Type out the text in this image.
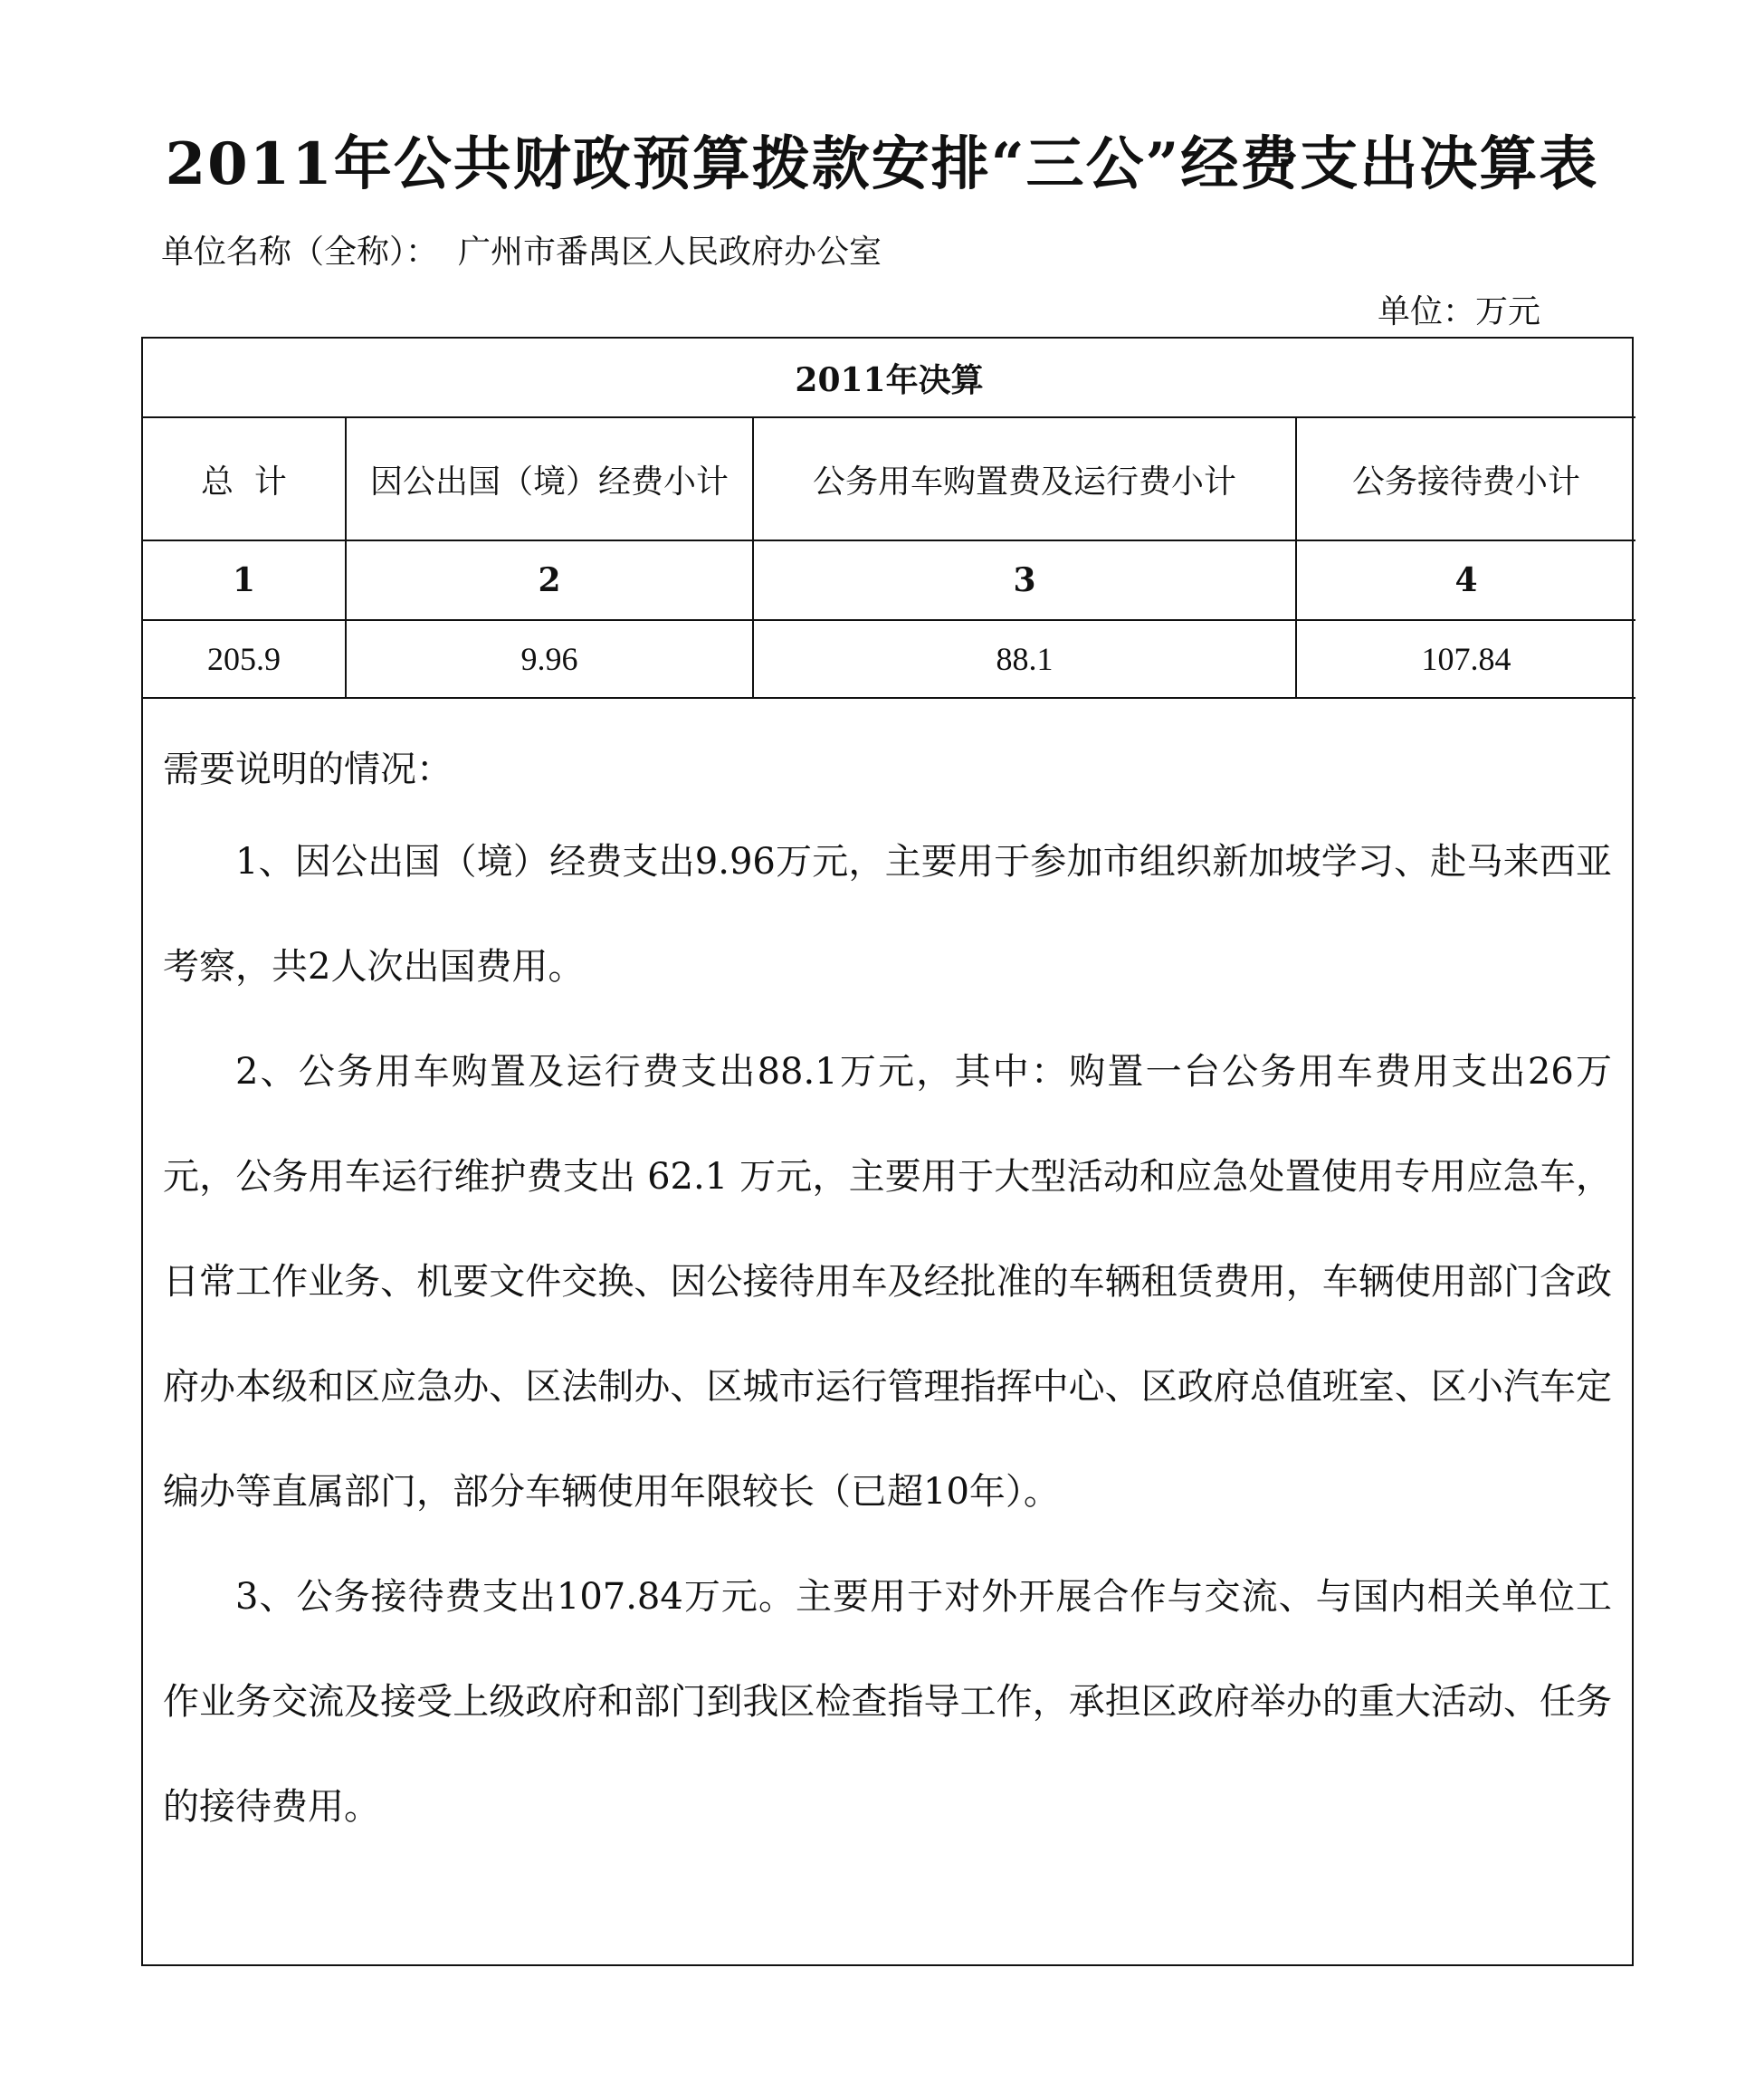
2011年公共财政预算拨款安排“三公”经费支出决算表
单位名称（全称）： 广州市番禺区人民政府办公室
单位：万元
2011年决算			
总  计	因公出国（境）经费小计	公务用车购置费及运行费小计	公务接待费小计
1	2	3	4
205.9	9.96	88.1	107.84
需要说明的情况：

1、因公出国（境）经费支出9.96万元，主要用于参加市组织新加坡学习、赴马来西亚考察，共2人次出国费用。

2、公务用车购置及运行费支出88.1万元，其中：购置一台公务用车费用支出26万元，公务用车运行维护费支出 62.1 万元，主要用于大型活动和应急处置使用专用应急车，日常工作业务、机要文件交换、因公接待用车及经批准的车辆租赁费用，车辆使用部门含政府办本级和区应急办、区法制办、区城市运行管理指挥中心、区政府总值班室、区小汽车定编办等直属部门，部分车辆使用年限较长（已超10年）。

3、公务接待费支出107.84万元。主要用于对外开展合作与交流、与国内相关单位工作业务交流及接受上级政府和部门到我区检查指导工作，承担区政府举办的重大活动、任务的接待费用。
